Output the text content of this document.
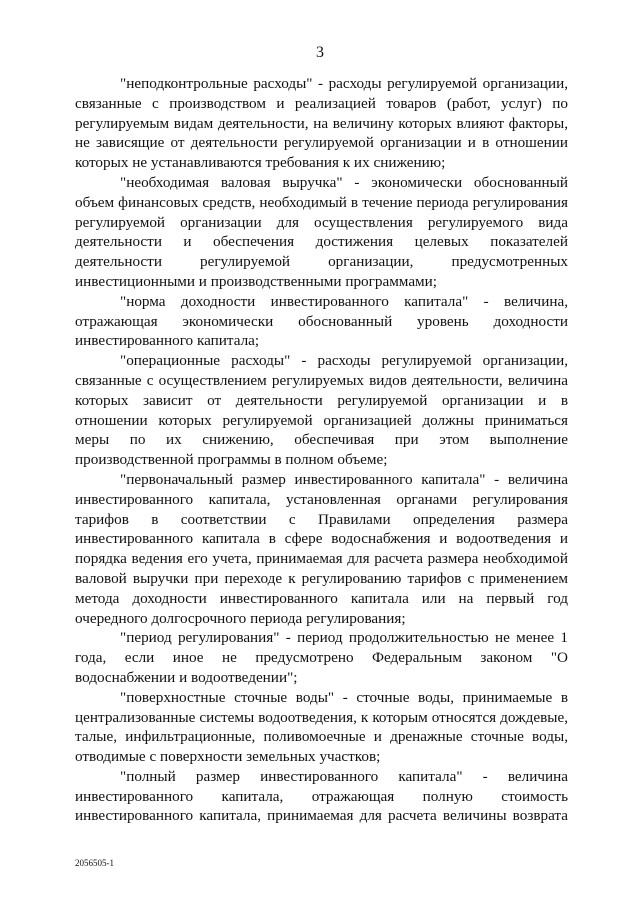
3

"неподконтрольные расходы" - расходы регулируемой организации, связанные с производством и реализацией товаров (работ, услуг) по регулируемым видам деятельности, на величину которых влияют факторы, не зависящие от деятельности регулируемой организации и в отношении которых не устанавливаются требования к их снижению;

"необходимая валовая выручка" - экономически обоснованный объем финансовых средств, необходимый в течение периода регулирования регулируемой организации для осуществления регулируемого вида деятельности и обеспечения достижения целевых показателей деятельности регулируемой организации, предусмотренных инвестиционными и производственными программами;

"норма доходности инвестированного капитала" - величина, отражающая экономически обоснованный уровень доходности инвестированного капитала;

"операционные расходы" - расходы регулируемой организации, связанные с осуществлением регулируемых видов деятельности, величина которых зависит от деятельности регулируемой организации и в отношении которых регулируемой организацией должны приниматься меры по их снижению, обеспечивая при этом выполнение производственной программы в полном объеме;

"первоначальный размер инвестированного капитала" - величина инвестированного капитала, установленная органами регулирования тарифов в соответствии с Правилами определения размера инвестированного капитала в сфере водоснабжения и водоотведения и порядка ведения его учета, принимаемая для расчета размера необходимой валовой выручки при переходе к регулированию тарифов с применением метода доходности инвестированного капитала или на первый год очередного долгосрочного периода регулирования;

"период регулирования" - период продолжительностью не менее 1 года, если иное не предусмотрено Федеральным законом "О водоснабжении и водоотведении";

"поверхностные сточные воды" - сточные воды, принимаемые в централизованные системы водоотведения, к которым относятся дождевые, талые, инфильтрационные, поливомоечные и дренажные сточные воды, отводимые с поверхности земельных участков;

"полный размер инвестированного капитала" - величина инвестированного капитала, отражающая полную стоимость инвестированного капитала, принимаемая для расчета величины возврата

2056505-1
